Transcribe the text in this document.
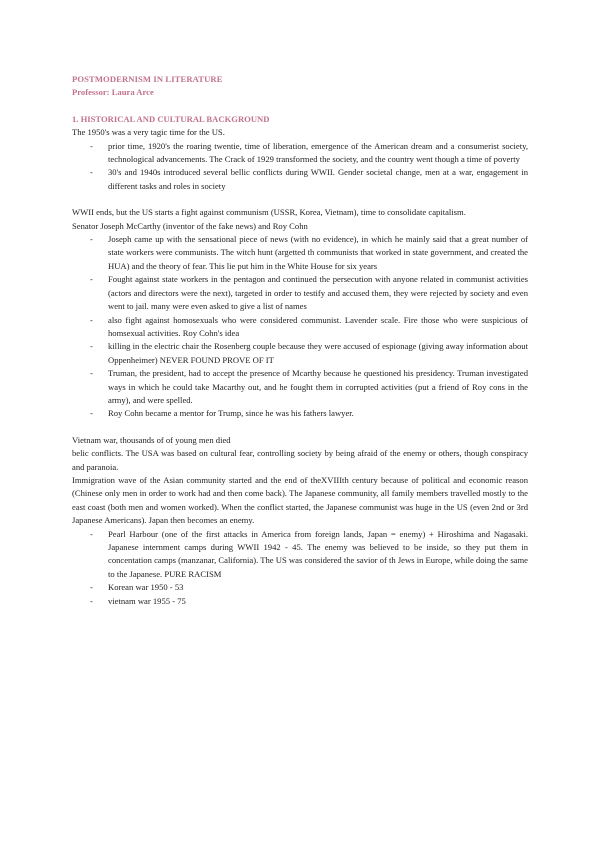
POSTMODERNISM IN LITERATURE
Professor: Laura Arce
1. HISTORICAL AND CULTURAL BACKGROUND

The 1950's was a very tagic time for the US.

- prior time, 1920's the roaring twentie, time of liberation, emergence of the American dream and a consumerist society, technological advancements. The Crack of 1929 transformed the society, and the country went though a time of poverty
- 30's and 1940s introduced several bellic conflicts during WWII. Gender societal change, men at a war, engagement in different tasks and roles in society

WWII ends, but the US starts a fight against communism (USSR, Korea, Vietnam), time to consolidate capitalism.

Senator Joseph McCarthy (inventor of the fake news) and Roy Cohn

- Joseph came up with the sensational piece of news (with no evidence), in which he mainly said that a great number of state workers were communists. The witch hunt (argetted th communists that worked in state government, and created the HUA) and the theory of fear. This lie put him in the White House for six years
- Fought against state workers in the pentagon and continued the persecution with anyone related in communist activities (actors and directors were the next), targeted in order to testify and accused them, they were rejected by society and even went to jail. many were even asked to give a list of names
- also fight against homosexuals who were considered communist. Lavender scale. Fire those who were suspicious of homsexual activities. Roy Cohn's idea
- killing in the electric chair the Rosenberg couple because they were accused of espionage (giving away information about Oppenheimer) NEVER FOUND PROVE OF IT
- Truman, the president, had to accept the presence of Mcarthy because he questioned his presidency. Truman investigated ways in which he could take Macarthy out, and he fought them in corrupted activities (put a friend of Roy cons in the army), and were spelled.
- Roy Cohn became a mentor for Trump, since he was his fathers lawyer.

Vietnam war, thousands of of young men died

belic conflicts. The USA was based on cultural fear, controlling society by being afraid of the enemy or others, though conspiracy and paranoia.

Immigration wave of the Asian community started and the end of theXVIIIth century because of political and economic reason (Chinese only men in order to work had and then come back). The Japanese community, all family members travelled mostly to the east coast (both men and women worked). When the conflict started, the Japanese communist was huge in the US (even 2nd or 3rd Japanese Americans). Japan then becomes an enemy.

- Pearl Harbour (one of the first attacks in America from foreign lands, Japan = enemy) + Hiroshima and Nagasaki. Japanese internment camps during WWII 1942 - 45. The enemy was believed to be inside, so they put them in concentation camps (manzanar, California). The US was considered the savior of th Jews in Europe, while doing the same to the Japanese. PURE RACISM
- Korean war 1950 - 53
- vietnam war 1955 - 75
